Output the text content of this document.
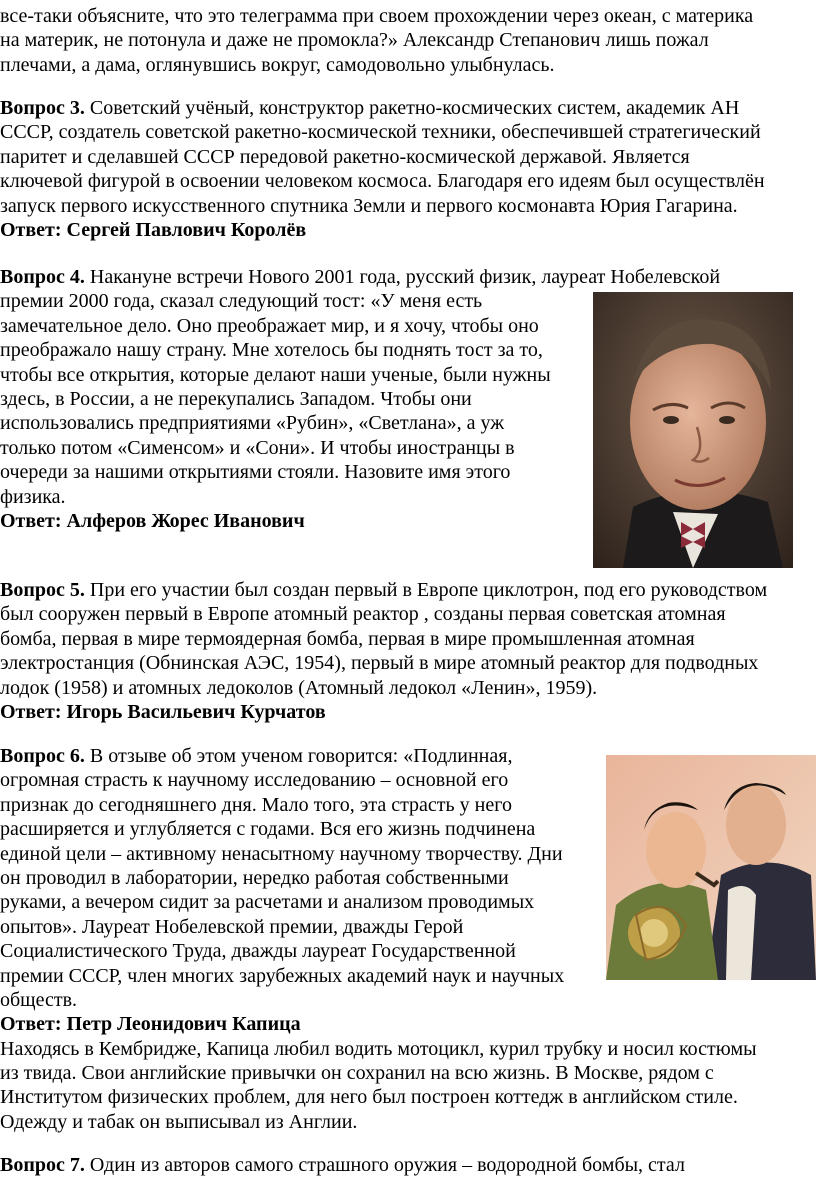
все-таки объясните, что это телеграмма при своем прохождении через океан, с материка
на материк, не потонула и даже не промокла?» Александр Степанович лишь пожал
плечами, а дама, оглянувшись вокруг, самодовольно улыбнулась.
Вопрос 3. Советский учёный, конструктор ракетно-космических систем, академик АН
СССР, создатель советской ракетно-космической техники, обеспечившей стратегический
паритет и сделавшей СССР передовой ракетно-космической державой. Является
ключевой фигурой в освоении человеком космоса. Благодаря его идеям был осуществлён
запуск первого искусственного спутника Земли и первого космонавта Юрия Гагарина.
Ответ: Сергей Павлович Королёв
Вопрос 4. Накануне встречи Нового 2001 года, русский физик, лауреат Нобелевской
премии 2000 года, сказал следующий тост: «У меня есть
замечательное дело. Оно преображает мир, и я хочу, чтобы оно
преображало нашу страну. Мне хотелось бы поднять тост за то,
чтобы все открытия, которые делают наши ученые, были нужны
здесь, в России, а не перекупались Западом. Чтобы они
использовались предприятиями «Рубин», «Светлана», а уж
только потом «Сименсом» и «Сони». И чтобы иностранцы в
очереди за нашими открытиями стояли. Назовите имя этого
физика.
Ответ: Алферов Жорес Иванович
Вопрос 5. При его участии был создан первый в Европе циклотрон, под его руководством
был сооружен первый в Европе атомный реактор , созданы первая советская атомная
бомба, первая в мире термоядерная бомба, первая в мире промышленная атомная
электростанция (Обнинская АЭС, 1954), первый в мире атомный реактор для подводных
лодок (1958) и атомных ледоколов (Атомный ледокол «Ленин», 1959).
Ответ: Игорь Васильевич Курчатов
Вопрос 6. В отзыве об этом ученом говорится: «Подлинная,
огромная страсть к научному исследованию – основной его
признак до сегодняшнего дня. Мало того, эта страсть у него
расширяется и углубляется с годами. Вся его жизнь подчинена
единой цели – активному ненасытному научному творчеству. Дни
он проводил в лаборатории, нередко работая собственными
руками, а вечером сидит за расчетами и анализом проводимых
опытов». Лауреат Нобелевской премии, дважды Герой
Социалистического Труда, дважды лауреат Государственной
премии СССР, член многих зарубежных академий наук и научных
обществ.
Ответ: Петр Леонидович Капица
Находясь в Кембридже, Капица любил водить мотоцикл, курил трубку и носил костюмы
из твида. Свои английские привычки он сохранил на всю жизнь. В Москве, рядом с
Институтом физических проблем, для него был построен коттедж в английском стиле.
Одежду и табак он выписывал из Англии.
Вопрос 7. Один из авторов самого страшного оружия – водородной бомбы, стал
